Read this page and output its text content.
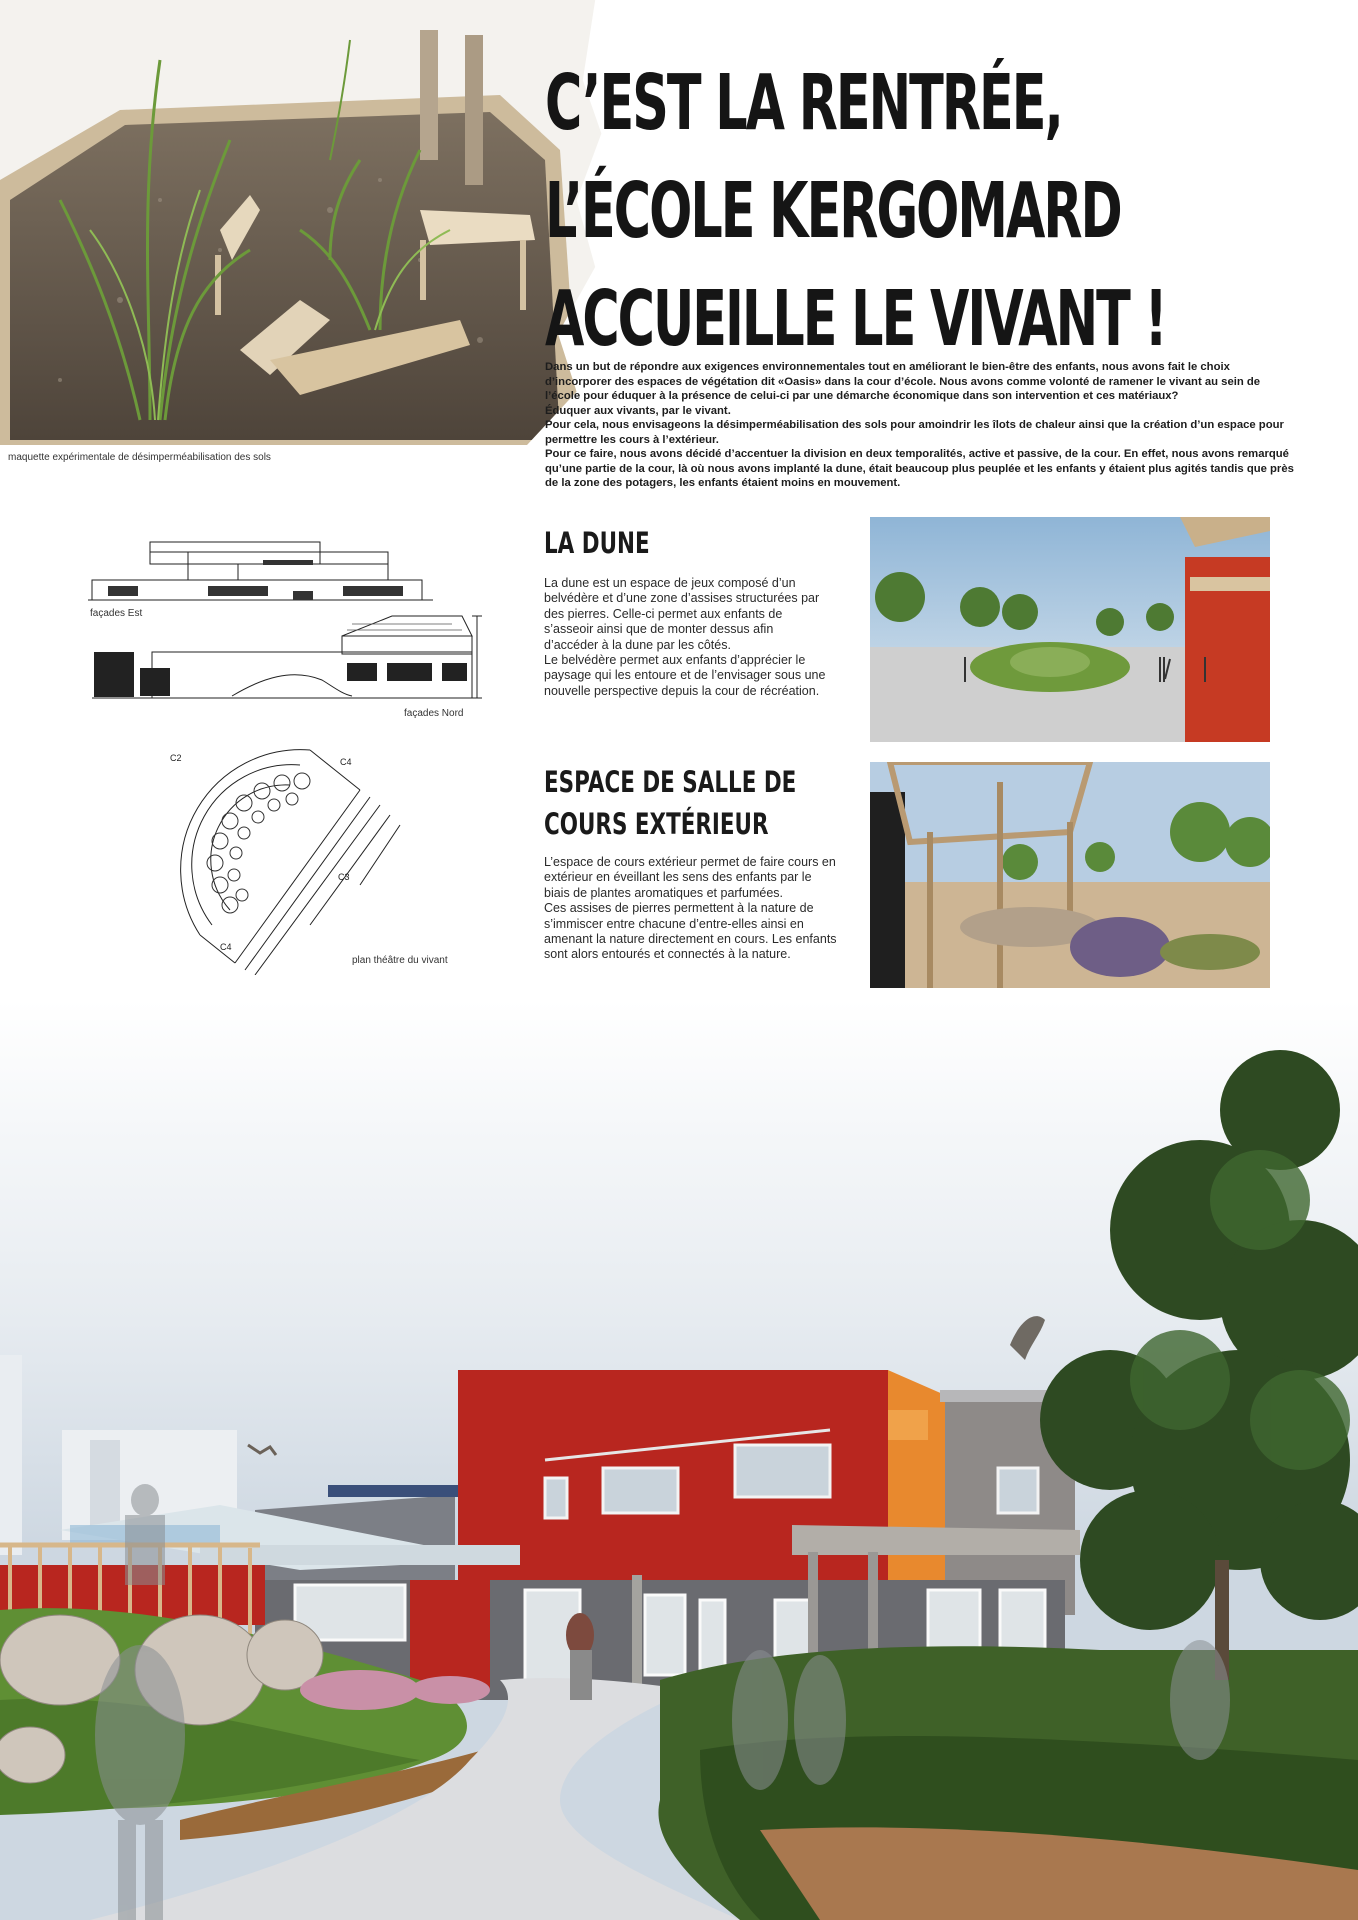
maquette expérimentale de désimperméabilisation des sols
C’EST LA RENTRÉE,
L’ÉCOLE KERGOMARD
ACCUEILLE LE VIVANT !

Dans un but de répondre aux exigences environnementales tout en améliorant le bien-être des enfants, nous avons fait le choix d’incorporer des espaces de végétation dit «Oasis» dans la cour d’école. Nous avons comme volonté de ramener le vivant au sein de l’école pour éduquer à la présence de celui-ci par une démarche économique dans son intervention et ces matériaux?

Éduquer aux vivants, par le vivant.

Pour cela, nous envisageons la désimperméabilisation des sols pour amoindrir les îlots de chaleur ainsi que la création d’un espace pour permettre les cours à l’extérieur.

Pour ce faire, nous avons décidé d’accentuer la division en deux temporalités, active et passive, de la cour. En effet, nous avons remarqué qu’une partie de la cour, là où nous avons implanté la dune, était beaucoup plus peuplée et les enfants y étaient plus agités tandis que près de la zone des potagers, les enfants étaient moins en mouvement.

façades Est
façades Nord
C2	C4
C3
C4
plan théâtre du vivant
LA DUNE

La dune est un espace de jeux composé d’un belvédère et d’une zone d’assises structurées par des pierres. Celle-ci permet aux enfants de s’asseoir ainsi que de monter dessus afin d’accéder à la dune par les côtés.

Le belvédère permet aux enfants d’apprécier le paysage qui les entoure et de l’envisager sous une nouvelle perspective depuis la cour de récréation.

ESPACE DE SALLE DE
COURS EXTÉRIEUR

L’espace de cours extérieur permet de faire cours en extérieur en éveillant les sens des enfants par le biais de plantes aromatiques et parfumées.

Ces assises de pierres permettent à la nature de s’immiscer entre chacune d’entre-elles ainsi en amenant la nature directement en cours. Les enfants sont alors entourés et connectés à la nature.
